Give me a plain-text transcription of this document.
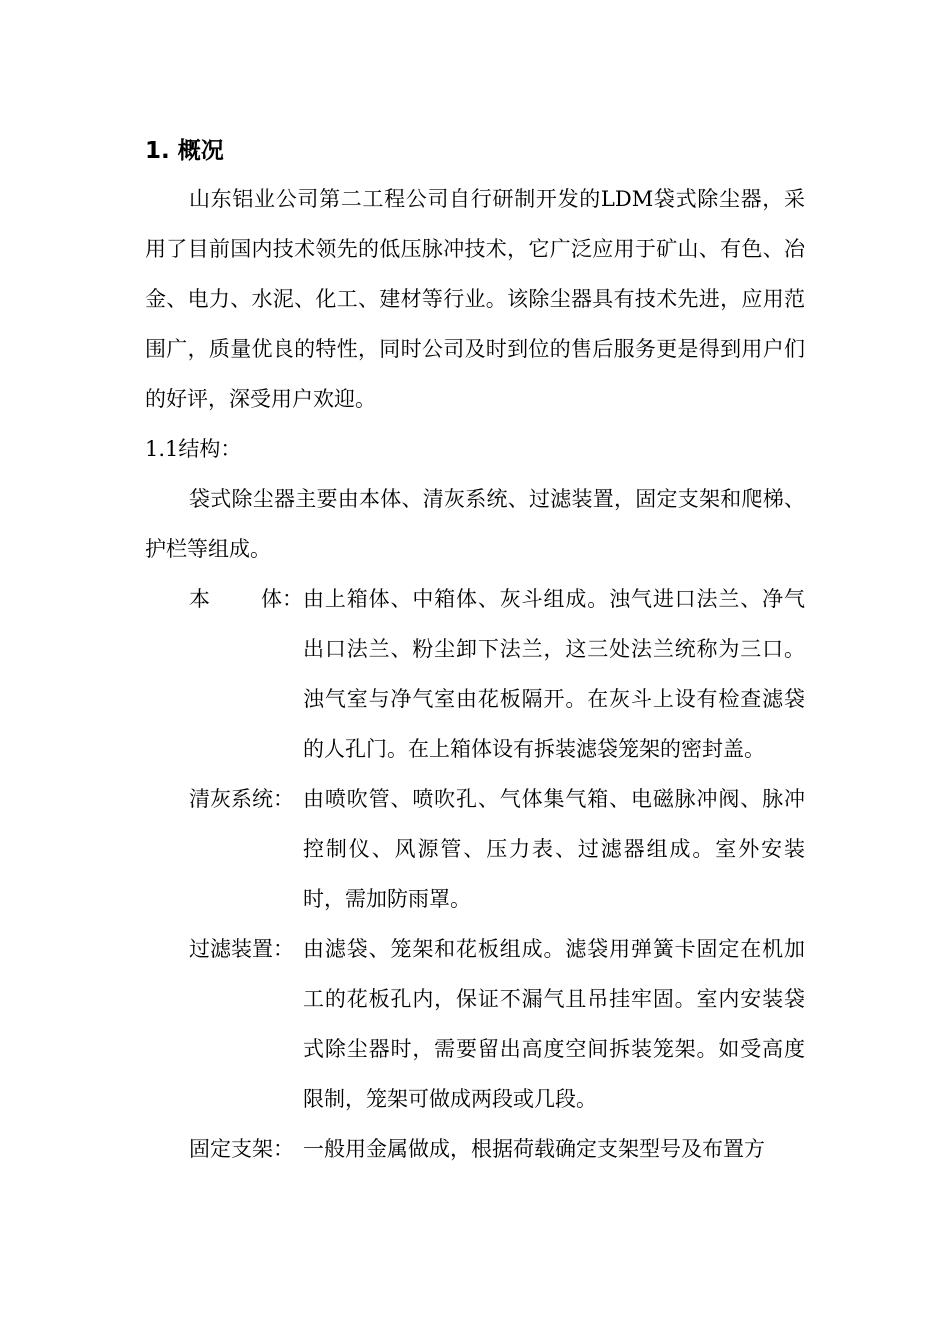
1. 概况

山东铝业公司第二工程公司自行研制开发的LDM袋式除尘器，采用了目前国内技术领先的低压脉冲技术，它广泛应用于矿山、有色、冶金、电力、水泥、化工、建材等行业。该除尘器具有技术先进，应用范围广，质量优良的特性，同时公司及时到位的售后服务更是得到用户们的好评，深受用户欢迎。

1.1结构：

袋式除尘器主要由本体、清灰系统、过滤装置，固定支架和爬梯、护栏等组成。

本 体： 由上箱体、中箱体、灰斗组成。浊气进口法兰、净气出口法兰、粉尘卸下法兰，这三处法兰统称为三口。浊气室与净气室由花板隔开。在灰斗上设有检查滤袋的人孔门。在上箱体设有拆装滤袋笼架的密封盖。
清灰系统： 由喷吹管、喷吹孔、气体集气箱、电磁脉冲阀、脉冲控制仪、风源管、压力表、过滤器组成。室外安装时，需加防雨罩。
过滤装置： 由滤袋、笼架和花板组成。滤袋用弹簧卡固定在机加工的花板孔内，保证不漏气且吊挂牢固。室内安装袋式除尘器时，需要留出高度空间拆装笼架。如受高度限制，笼架可做成两段或几段。
固定支架： 一般用金属做成，根据荷载确定支架型号及布置方
